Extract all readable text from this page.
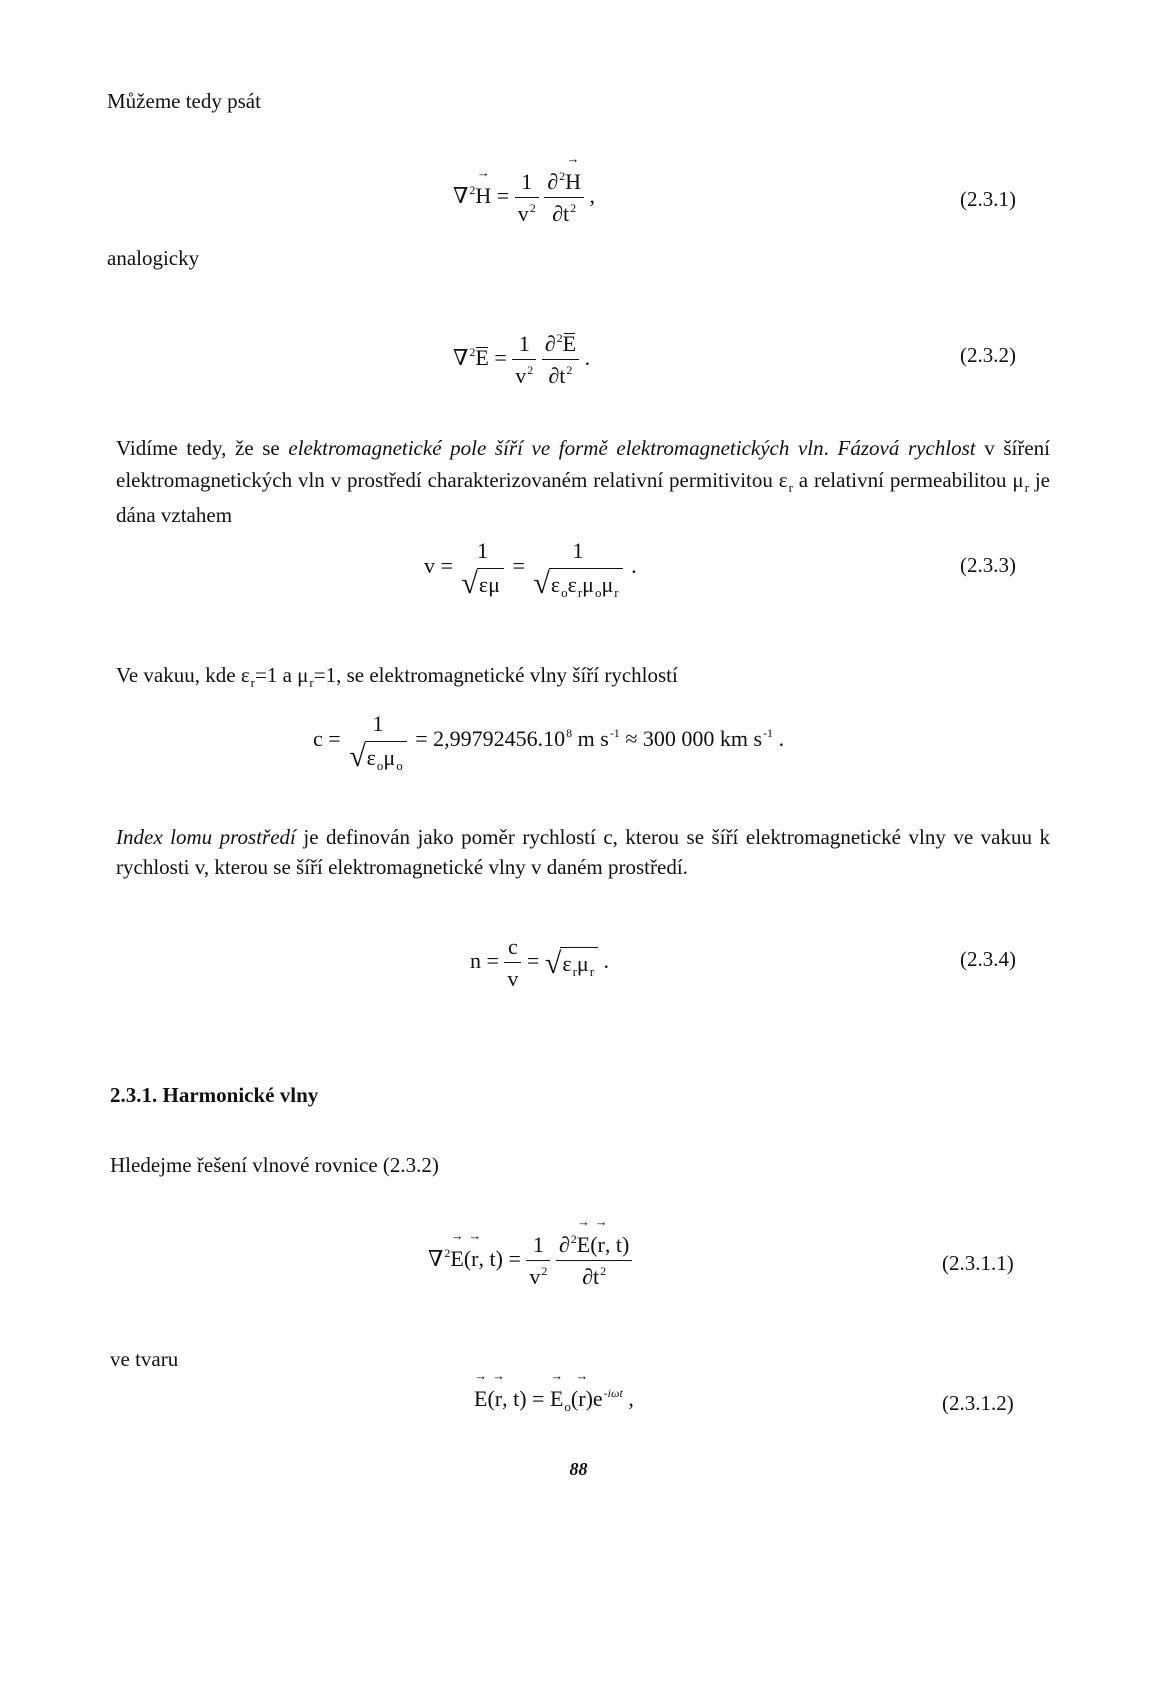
Můžeme tedy psát
$\nabla^2\to H = \frac{1}{v^2}$
$\frac{\partial^2\to H}{\partial t^2}$ ,	(2.3.1)
analogicky
$\nabla^2E = \frac{1}{v^2}$
$\frac{\partial^2E}{\partial t^2}$ .	(2.3.2)

Vidíme tedy, že se elektromagnetické pole šíří ve formě elektromagnetických vln. Fázová rychlost v šíření elektromagnetických vln v prostředí charakterizovaném relativní permitivitou $\varepsilon_r$ a relativní permeabilitou $\mu_r$ je dána vztahem

v =
1
√ εμ
=
1
√ $\varepsilon_o\varepsilon_r\mu_o\mu_r$
.	(2.3.3)

Ve vakuu, kde $\varepsilon_r=1$ a $\mu_r=1$, se elektromagnetické vlny šíří rychlostí

c =
1
√ $\varepsilon_o\mu_o$
= $2,99792456.10^8$ m $s^{-1} \approx 300$ 000 km $s^{-1}$ .

Index lomu prostředí je definován jako poměr rychlostí c, kterou se šíří elektromagnetické vlny ve vakuu k rychlosti v, kterou se šíří elektromagnetické vlny v daném prostředí.

$n = \frac{c}{v}$ = √ $\varepsilon_r\mu_r$ .	(2.3.4)
2.3.1. Harmonické vlny
Hledejme řešení vlnové rovnice (2.3.2)
∇$^2$→ E(→ r, $t) = \frac{1}{v^2}$
$\frac{\partial^2\to E(\to r, t)}{\partial t^2}$	(2.3.1.1)
ve tvaru
→ E(→ r, t) = → $E_o(\to r)e^{-i\omega t}$ ,	(2.3.1.2)
88
